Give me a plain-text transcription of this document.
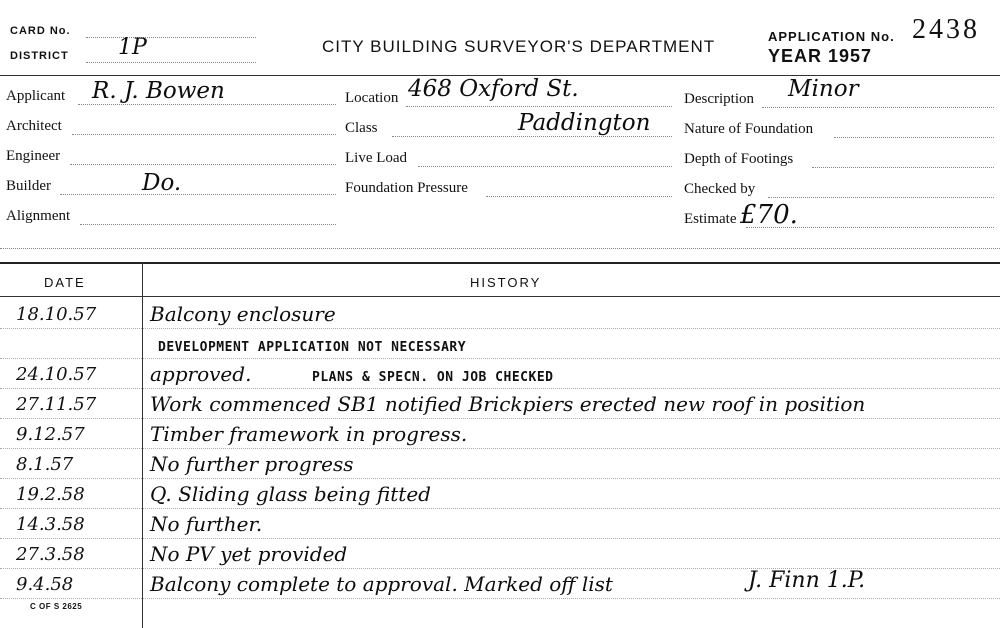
CARD No.
DISTRICT 1P	CITY BUILDING SURVEYOR'S DEPARTMENT
APPLICATION No. 2438
YEAR 1957
Applicant R. J. Bowen
Architect
Engineer
Builder	Do.
Alignment
Location 468 Oxford St.
Class	Paddington
Live Load
Foundation Pressure
Description Minor
Nature of Foundation
Depth of Footings
Checked by
Estimate £70.
DATE	HISTORY
18.10.57	Balcony enclosure
DEVELOPMENT APPLICATION NOT NECESSARY
24.10.57	approved.	PLANS & SPECN. ON JOB CHECKED
27.11.57	Work commenced SB1 notified Brickpiers erected new roof in position
9.12.57	Timber framework in progress.
8.1.57	No further progress
19.2.58	Q. Sliding glass being fitted
14.3.58	No further.
27.3.58	No PV yet provided
9.4.58	Balcony complete to approval. Marked off list	J. Finn 1.P.
C OF S 2625
